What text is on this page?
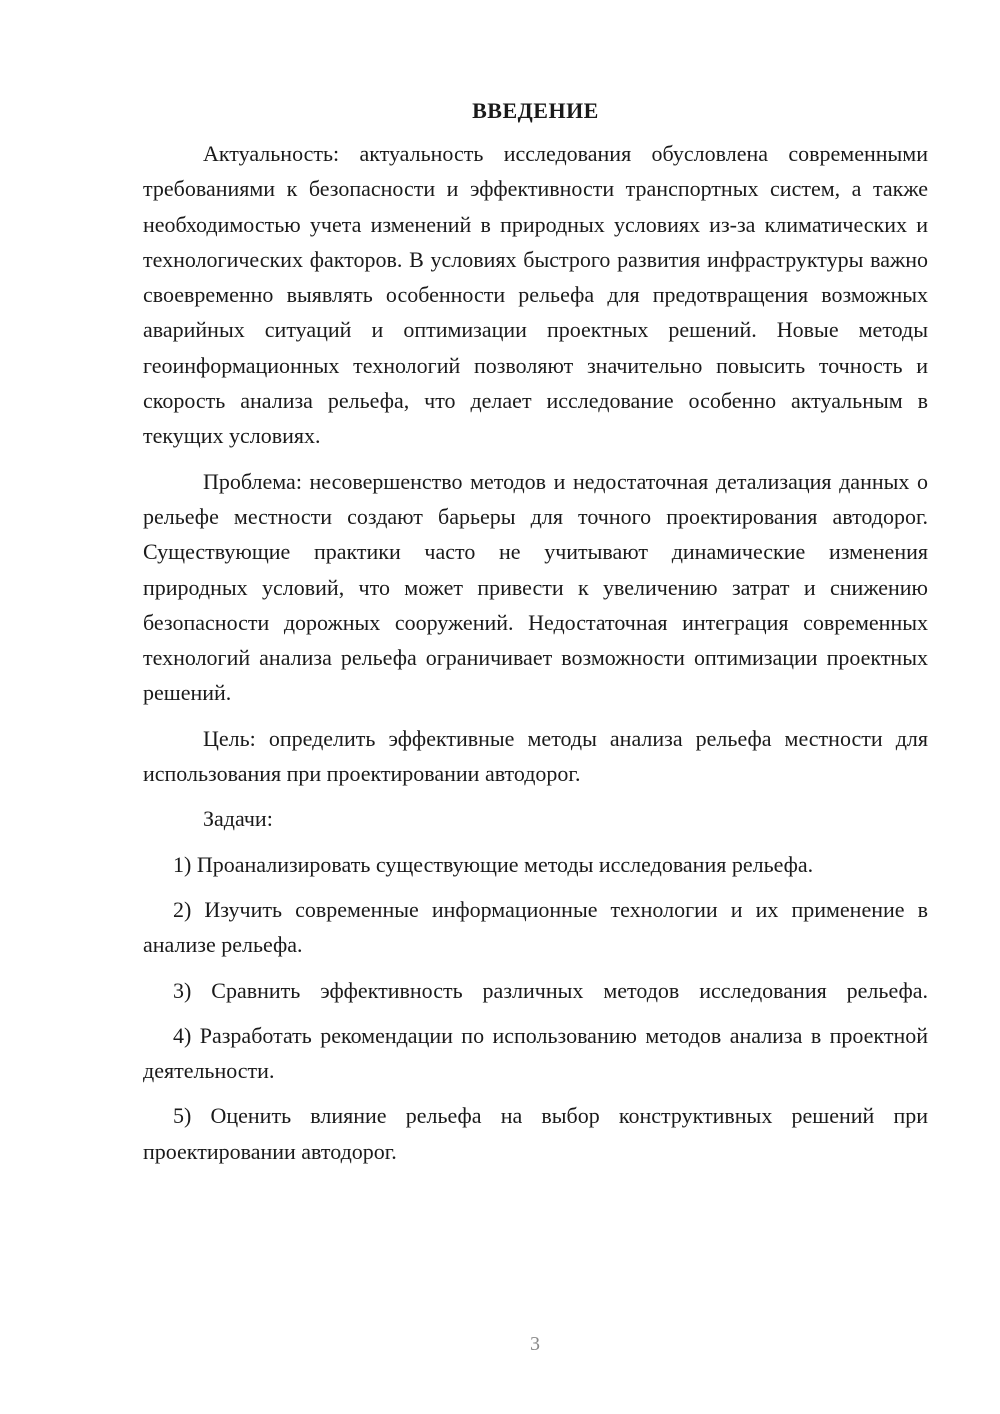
ВВЕДЕНИЕ

Актуальность: актуальность исследования обусловлена современными требованиями к безопасности и эффективности транспортных систем, а также необходимостью учета изменений в природных условиях из-за климатических и технологических факторов. В условиях быстрого развития инфраструктуры важно своевременно выявлять особенности рельефа для предотвращения возможных аварийных ситуаций и оптимизации проектных решений. Новые методы геоинформационных технологий позволяют значительно повысить точность и скорость анализа рельефа, что делает исследование особенно актуальным в текущих условиях.

Проблема: несовершенство методов и недостаточная детализация данных о рельефе местности создают барьеры для точного проектирования автодорог. Существующие практики часто не учитывают динамические изменения природных условий, что может привести к увеличению затрат и снижению безопасности дорожных сооружений. Недостаточная интеграция современных технологий анализа рельефа ограничивает возможности оптимизации проектных решений.

Цель: определить эффективные методы анализа рельефа местности для использования при проектировании автодорог.

Задачи:

1) Проанализировать существующие методы исследования рельефа.

2) Изучить современные информационные технологии и их применение в анализе рельефа.

3) Сравнить эффективность различных методов исследования рельефа.

4) Разработать рекомендации по использованию методов анализа в проектной деятельности.

5) Оценить влияние рельефа на выбор конструктивных решений при проектировании автодорог.

3
